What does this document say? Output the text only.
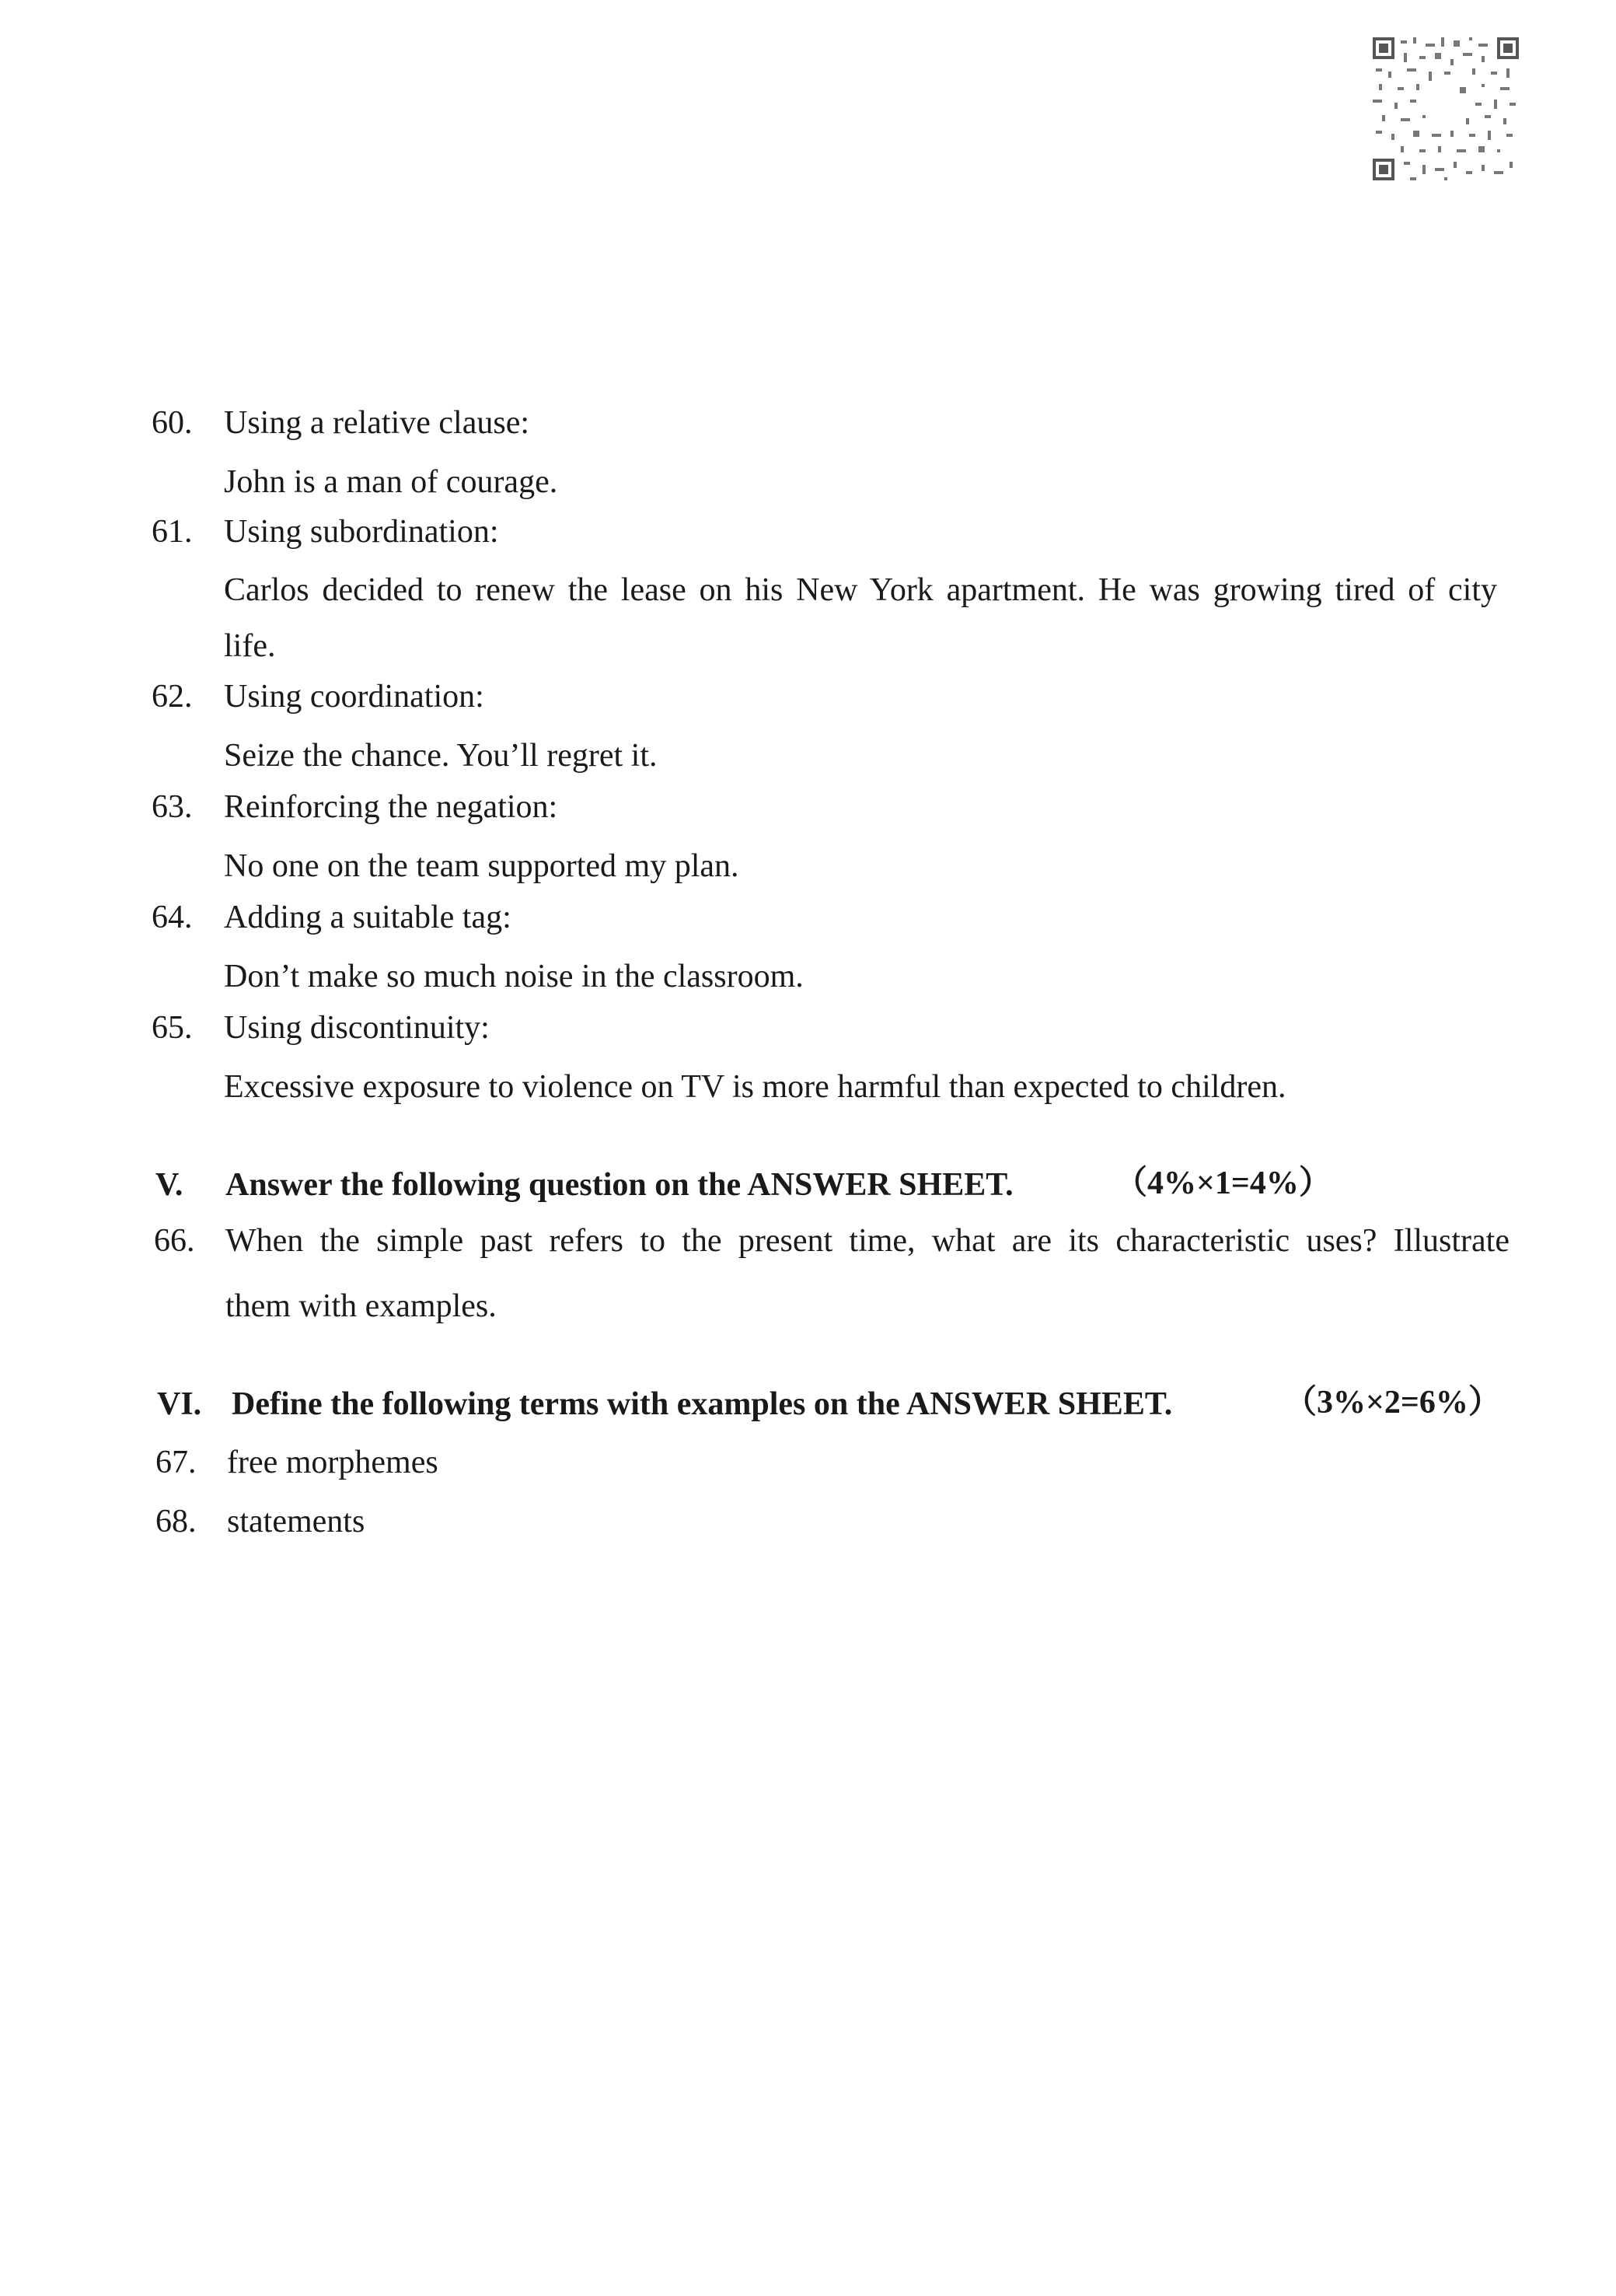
60. Using a relative clause:
John is a man of courage.
61. Using subordination:
Carlos decided to renew the lease on his New York apartment. He was growing tired of city
life.
62. Using coordination:
Seize the chance. You’ll regret it.
63. Reinforcing the negation:
No one on the team supported my plan.
64. Adding a suitable tag:
Don’t make so much noise in the classroom.
65. Using discontinuity:
Excessive exposure to violence on TV is more harmful than expected to children.
V. Answer the following question on the ANSWER SHEET.	（4%×1=4%）
66. When the simple past refers to the present time, what are its characteristic uses? Illustrate
them with examples.
VI. Define the following terms with examples on the ANSWER SHEET.	（3%×2=6%）
67. free morphemes
68. statements
